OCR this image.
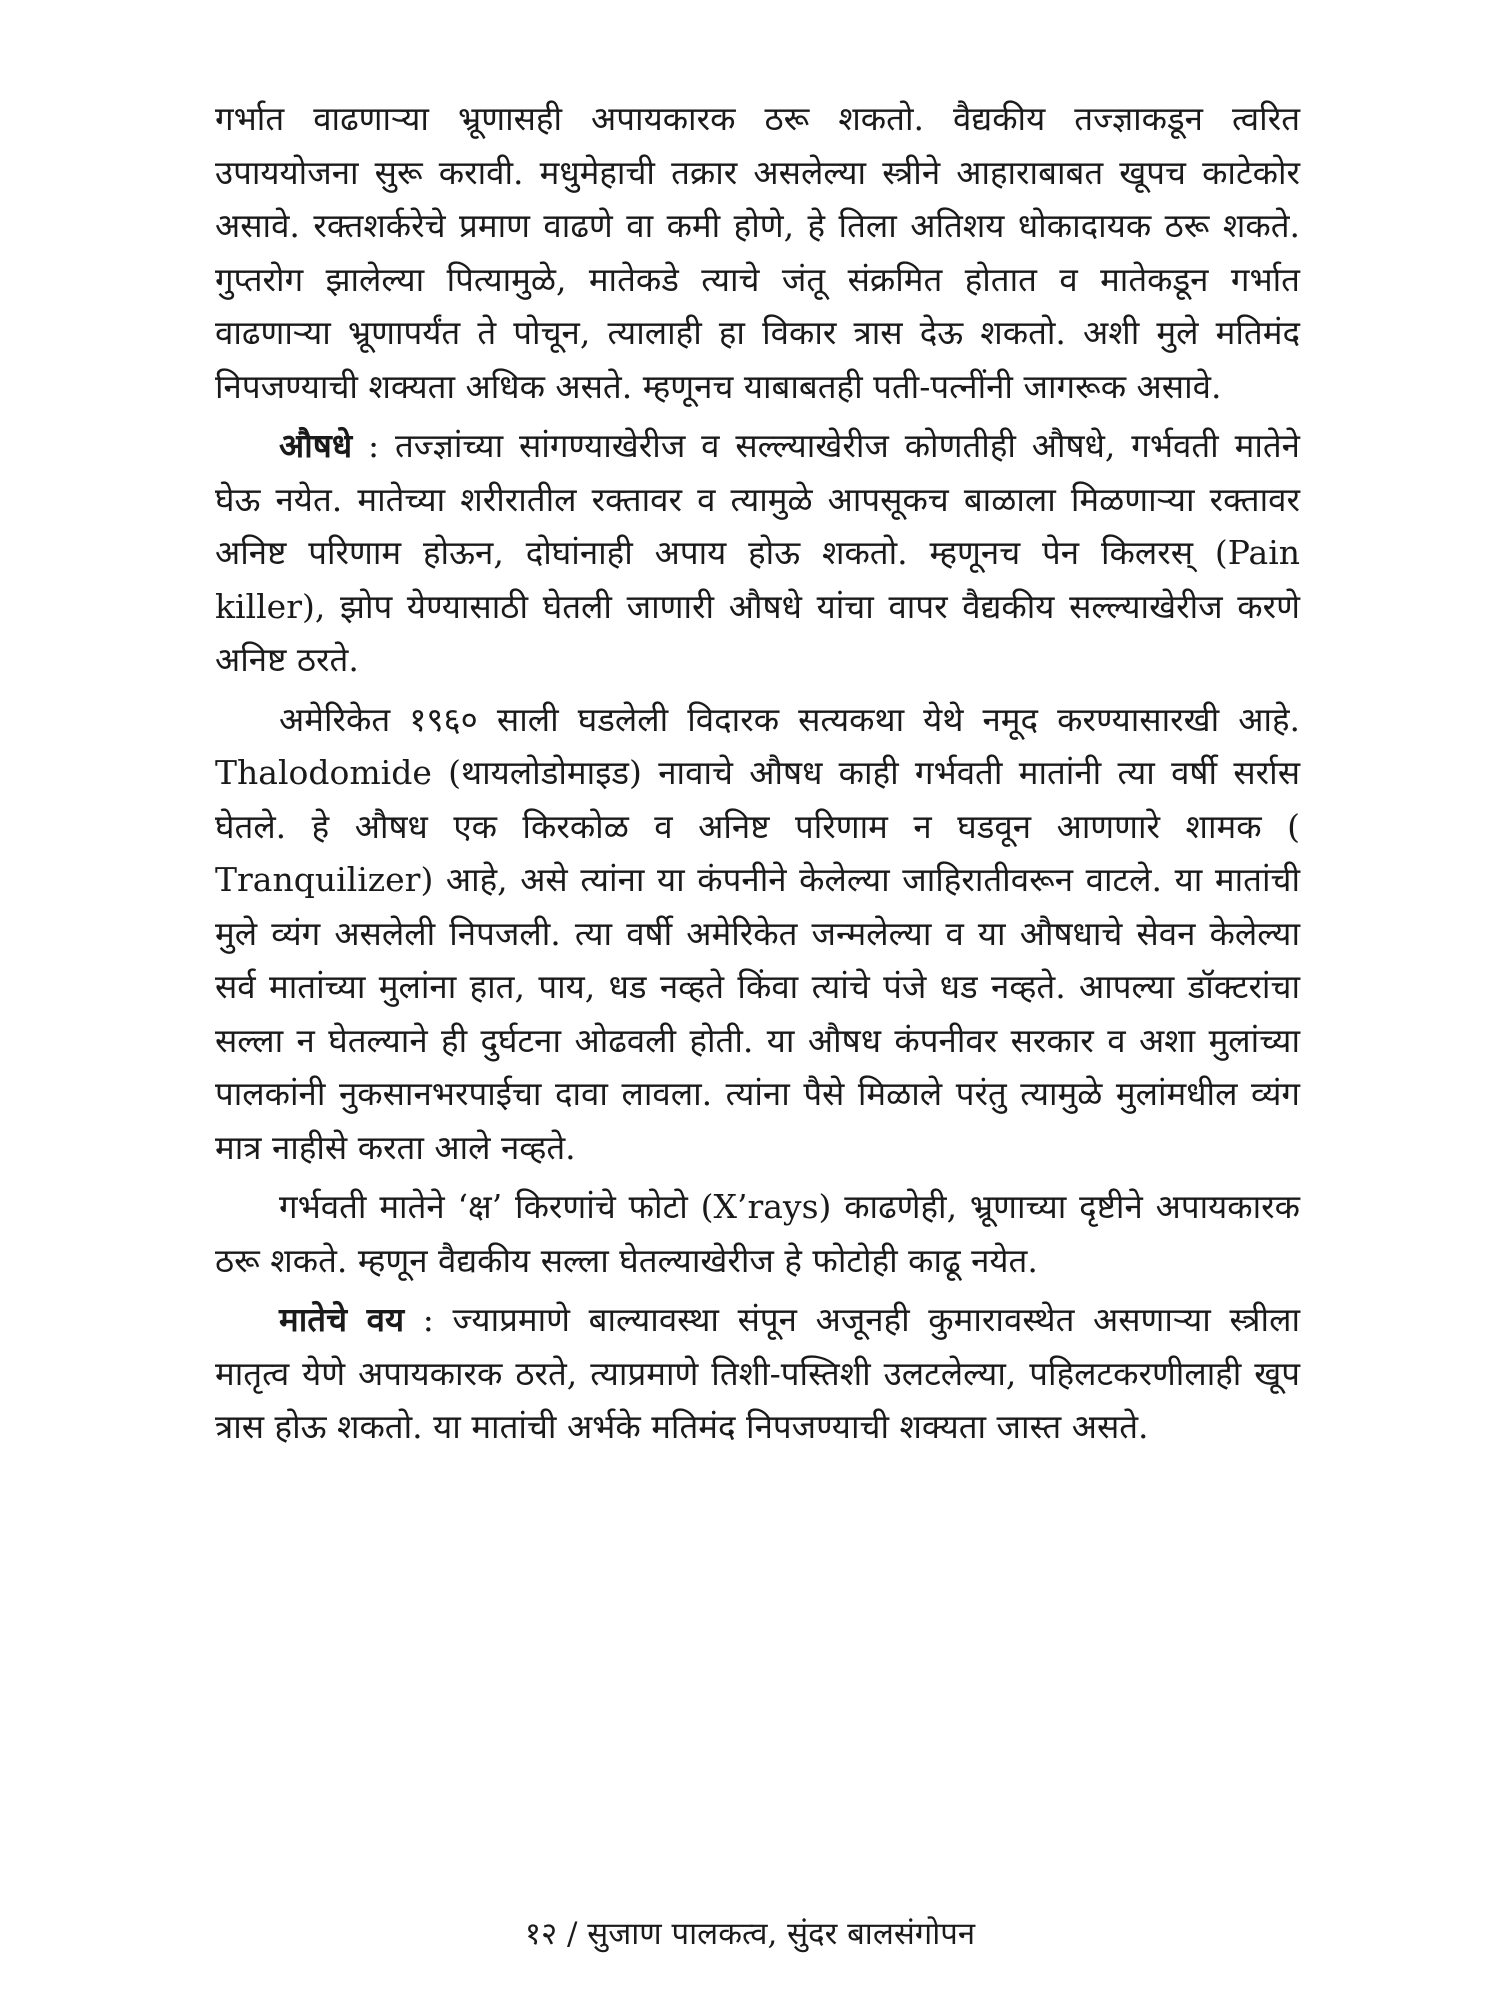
गर्भात वाढणाऱ्या भ्रूणासही अपायकारक ठरू शकतो. वैद्यकीय तज्ज्ञाकडून त्वरित उपाययोजना सुरू करावी. मधुमेहाची तक्रार असलेल्या स्त्रीने आहाराबाबत खूपच काटेकोर असावे. रक्तशर्करेचे प्रमाण वाढणे वा कमी होणे, हे तिला अतिशय धोकादायक ठरू शकते. गुप्तरोग झालेल्या पित्यामुळे, मातेकडे त्याचे जंतू संक्रमित होतात व मातेकडून गर्भात वाढणाऱ्या भ्रूणापर्यंत ते पोचून, त्यालाही हा विकार त्रास देऊ शकतो. अशी मुले मतिमंद निपजण्याची शक्यता अधिक असते. म्हणूनच याबाबतही पती-पत्नींनी जागरूक असावे.

औषधे : तज्ज्ञांच्या सांगण्याखेरीज व सल्ल्याखेरीज कोणतीही औषधे, गर्भवती मातेने घेऊ नयेत. मातेच्या शरीरातील रक्तावर व त्यामुळे आपसूकच बाळाला मिळणाऱ्या रक्तावर अनिष्ट परिणाम होऊन, दोघांनाही अपाय होऊ शकतो. म्हणूनच पेन किलरस् (Pain killer), झोप येण्यासाठी घेतली जाणारी औषधे यांचा वापर वैद्यकीय सल्ल्याखेरीज करणे अनिष्ट ठरते.

अमेरिकेत १९६० साली घडलेली विदारक सत्यकथा येथे नमूद करण्यासारखी आहे. Thalodomide (थायलोडोमाइड) नावाचे औषध काही गर्भवती मातांनी त्या वर्षी सर्रास घेतले. हे औषध एक किरकोळ व अनिष्ट परिणाम न घडवून आणणारे शामक ( Tranquilizer) आहे, असे त्यांना या कंपनीने केलेल्या जाहिरातीवरून वाटले. या मातांची मुले व्यंग असलेली निपजली. त्या वर्षी अमेरिकेत जन्मलेल्या व या औषधाचे सेवन केलेल्या सर्व मातांच्या मुलांना हात, पाय, धड नव्हते किंवा त्यांचे पंजे धड नव्हते. आपल्या डॉक्टरांचा सल्ला न घेतल्याने ही दुर्घटना ओढवली होती. या औषध कंपनीवर सरकार व अशा मुलांच्या पालकांनी नुकसानभरपाईचा दावा लावला. त्यांना पैसे मिळाले परंतु त्यामुळे मुलांमधील व्यंग मात्र नाहीसे करता आले नव्हते.

गर्भवती मातेने ‘क्ष’ किरणांचे फोटो (X’rays) काढणेही, भ्रूणाच्या दृष्टीने अपायकारक ठरू शकते. म्हणून वैद्यकीय सल्ला घेतल्याखेरीज हे फोटोही काढू नयेत.

मातेचे वय : ज्याप्रमाणे बाल्यावस्था संपून अजूनही कुमारावस्थेत असणाऱ्या स्त्रीला मातृत्व येणे अपायकारक ठरते, त्याप्रमाणे तिशी-पस्तिशी उलटलेल्या, पहिलटकरणीलाही खूप त्रास होऊ शकतो. या मातांची अर्भके मतिमंद निपजण्याची शक्यता जास्त असते.

१२ / सुजाण पालकत्व, सुंदर बालसंगोपन
